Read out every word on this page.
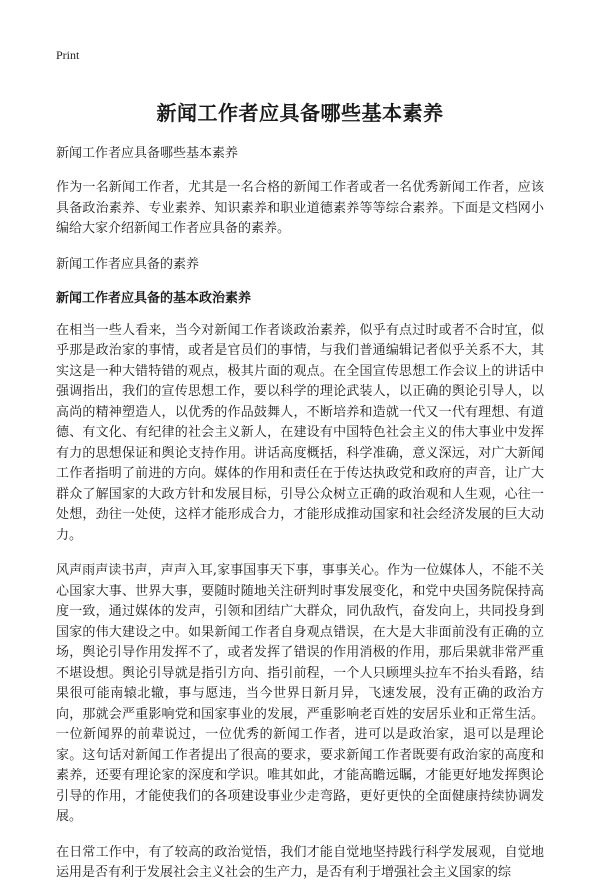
Print
新闻工作者应具备哪些基本素养
新闻工作者应具备哪些基本素养
作为一名新闻工作者，尤其是一名合格的新闻工作者或者一名优秀新闻工作者，应该具备政治素养、专业素养、知识素养和职业道德素养等等综合素养。下面是文档网小编给大家介绍新闻工作者应具备的素养。
新闻工作者应具备的素养
新闻工作者应具备的基本政治素养
在相当一些人看来，当今对新闻工作者谈政治素养，似乎有点过时或者不合时宜，似乎那是政治家的事情，或者是官员们的事情，与我们普通编辑记者似乎关系不大，其实这是一种大错特错的观点，极其片面的观点。在全国宣传思想工作会议上的讲话中强调指出，我们的宣传思想工作，要以科学的理论武装人，以正确的舆论引导人，以高尚的精神塑造人，以优秀的作品鼓舞人，不断培养和造就一代又一代有理想、有道德、有文化、有纪律的社会主义新人，在建设有中国特色社会主义的伟大事业中发挥有力的思想保证和舆论支持作用。讲话高度概括，科学准确，意义深远，对广大新闻工作者指明了前进的方向。媒体的作用和责任在于传达执政党和政府的声音，让广大群众了解国家的大政方针和发展目标，引导公众树立正确的政治观和人生观，心往一处想，劲往一处使，这样才能形成合力，才能形成推动国家和社会经济发展的巨大动力。
风声雨声读书声，声声入耳,家事国事天下事，事事关心。作为一位媒体人，不能不关心国家大事、世界大事，要随时随地关注研判时事发展变化，和党中央国务院保持高度一致，通过媒体的发声，引领和团结广大群众，同仇敌忾，奋发向上，共同投身到国家的伟大建设之中。如果新闻工作者自身观点错误，在大是大非面前没有正确的立场，舆论引导作用发挥不了，或者发挥了错误的作用消极的作用，那后果就非常严重不堪设想。舆论引导就是指引方向、指引前程，一个人只顾埋头拉车不抬头看路，结果很可能南辕北辙，事与愿违，当今世界日新月异，飞速发展，没有正确的政治方向，那就会严重影响党和国家事业的发展，严重影响老百姓的安居乐业和正常生活。一位新闻界的前辈说过，一位优秀的新闻工作者，进可以是政治家，退可以是理论家。这句话对新闻工作者提出了很高的要求，要求新闻工作者既要有政治家的高度和素养，还要有理论家的深度和学识。唯其如此，才能高瞻远瞩，才能更好地发挥舆论引导的作用，才能使我们的各项建设事业少走弯路，更好更快的全面健康持续协调发展。
在日常工作中，有了较高的政治觉悟，我们才能自觉地坚持践行科学发展观，自觉地运用是否有利于发展社会主义社会的生产力，是否有利于增强社会主义国家的综
